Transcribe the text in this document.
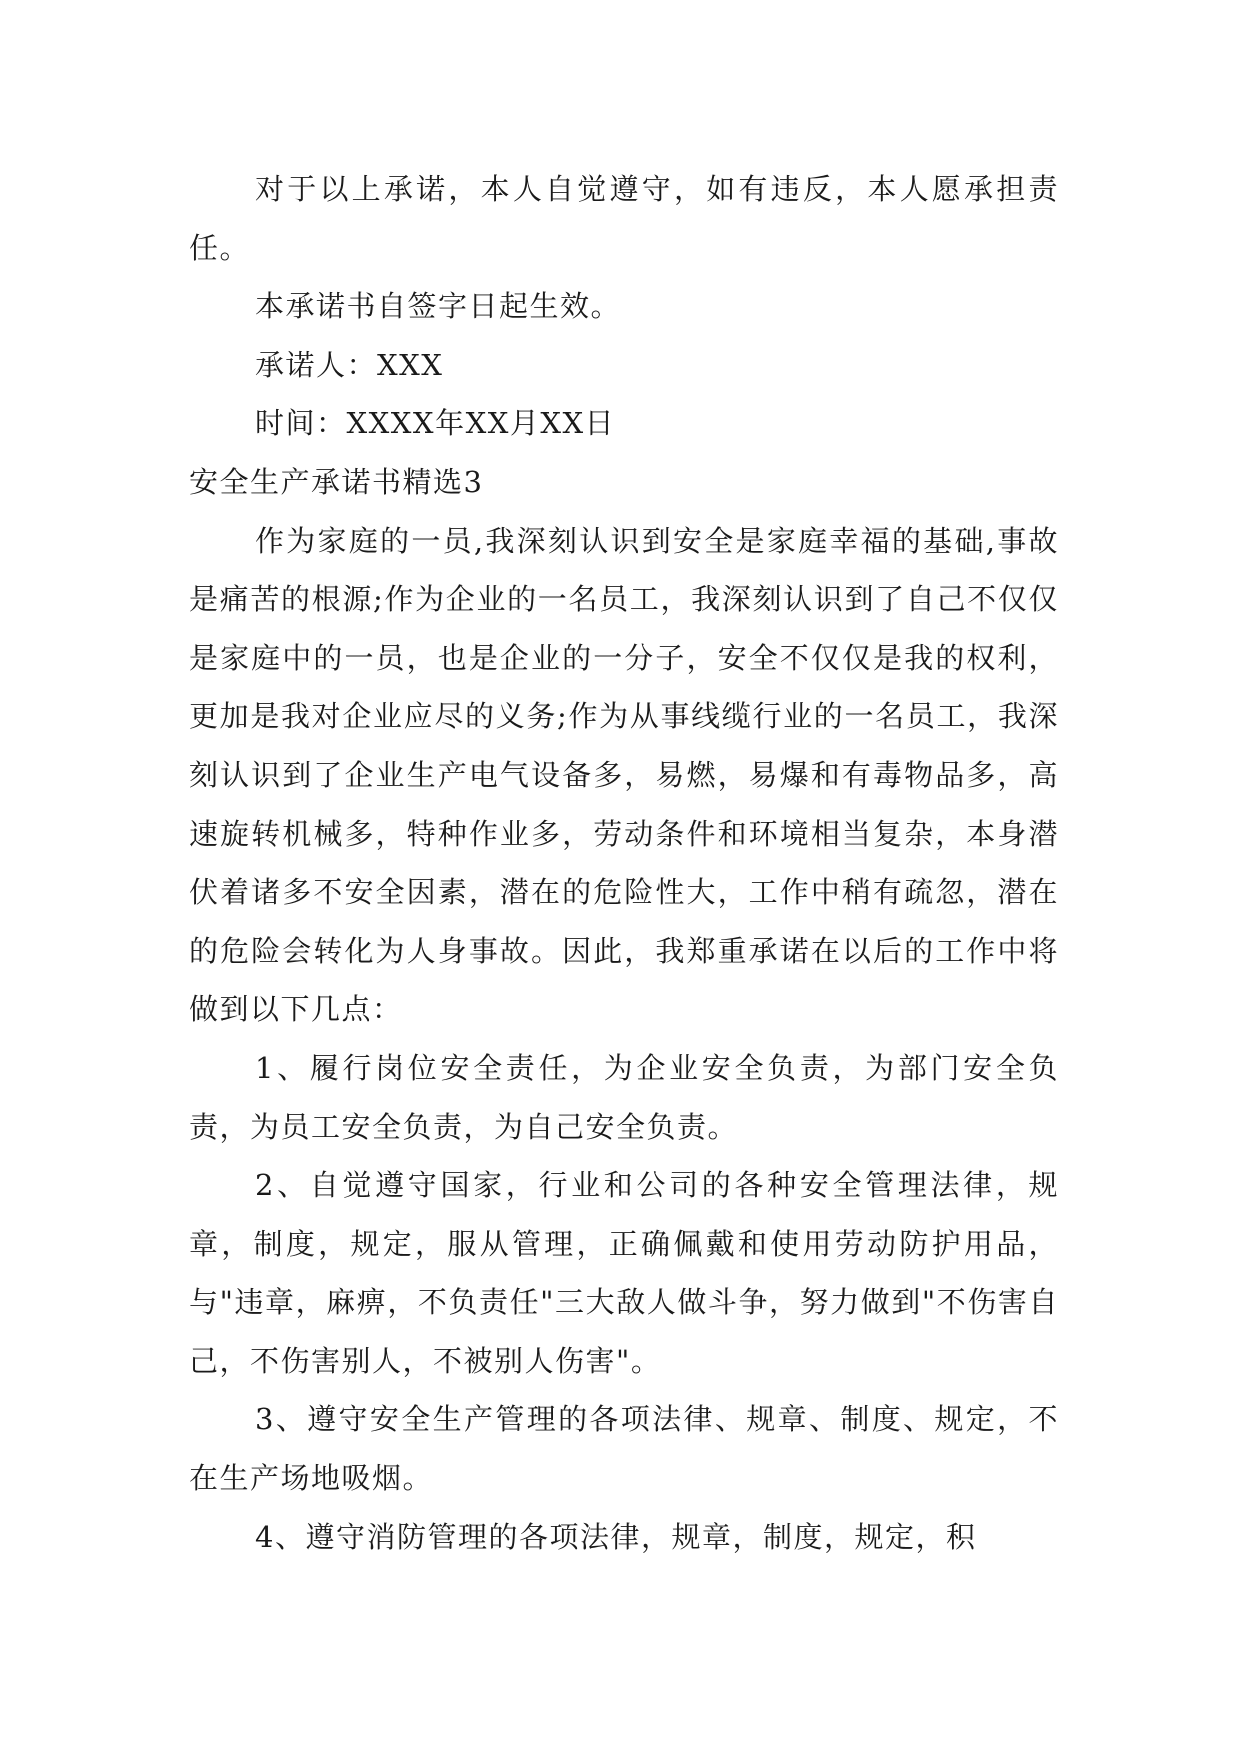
对于以上承诺，本人自觉遵守，如有违反，本人愿承担责任。

本承诺书自签字日起生效。

承诺人：XXX

时间：XXXX年XX月XX日

安全生产承诺书精选3

作为家庭的一员,我深刻认识到安全是家庭幸福的基础,事故是痛苦的根源;作为企业的一名员工，我深刻认识到了自己不仅仅是家庭中的一员，也是企业的一分子，安全不仅仅是我的权利，更加是我对企业应尽的义务;作为从事线缆行业的一名员工，我深刻认识到了企业生产电气设备多，易燃，易爆和有毒物品多，高速旋转机械多，特种作业多，劳动条件和环境相当复杂，本身潜伏着诸多不安全因素，潜在的危险性大，工作中稍有疏忽，潜在的危险会转化为人身事故。因此，我郑重承诺在以后的工作中将做到以下几点：

1、履行岗位安全责任，为企业安全负责，为部门安全负责，为员工安全负责，为自己安全负责。

2、自觉遵守国家，行业和公司的各种安全管理法律，规章，制度，规定，服从管理，正确佩戴和使用劳动防护用品，与"违章，麻痹，不负责任"三大敌人做斗争，努力做到"不伤害自己，不伤害别人，不被别人伤害"。

3、遵守安全生产管理的各项法律、规章、制度、规定，不在生产场地吸烟。

4、遵守消防管理的各项法律，规章，制度，规定，积
